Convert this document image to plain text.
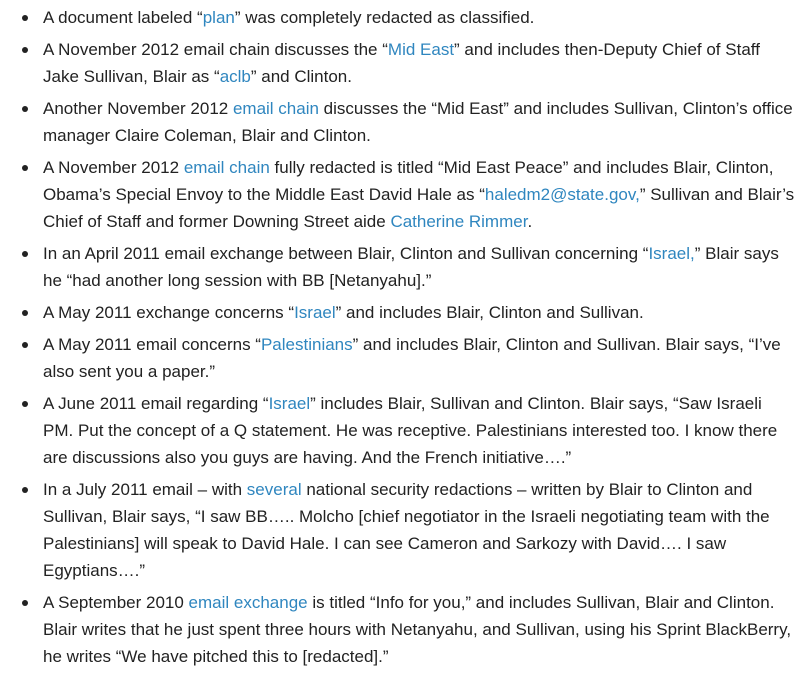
A document labeled “plan” was completely redacted as classified.
A November 2012 email chain discusses the “Mid East” and includes then-Deputy Chief of Staff Jake Sullivan, Blair as “aclb” and Clinton.
Another November 2012 email chain discusses the “Mid East” and includes Sullivan, Clinton’s office manager Claire Coleman, Blair and Clinton.
A November 2012 email chain fully redacted is titled “Mid East Peace” and includes Blair, Clinton, Obama’s Special Envoy to the Middle East David Hale as “haledm2@state.gov,” Sullivan and Blair’s Chief of Staff and former Downing Street aide Catherine Rimmer.
In an April 2011 email exchange between Blair, Clinton and Sullivan concerning “Israel,” Blair says he “had another long session with BB [Netanyahu].”
A May 2011 exchange concerns “Israel” and includes Blair, Clinton and Sullivan.
A May 2011 email concerns “Palestinians” and includes Blair, Clinton and Sullivan. Blair says, “I’ve also sent you a paper.”
A June 2011 email regarding “Israel” includes Blair, Sullivan and Clinton. Blair says, “Saw Israeli PM. Put the concept of a Q statement. He was receptive. Palestinians interested too. I know there are discussions also you guys are having. And the French initiative….”
In a July 2011 email – with several national security redactions – written by Blair to Clinton and Sullivan, Blair says, “I saw BB….. Molcho [chief negotiator in the Israeli negotiating team with the Palestinians] will speak to David Hale. I can see Cameron and Sarkozy with David…. I saw Egyptians….”
A September 2010 email exchange is titled “Info for you,” and includes Sullivan, Blair and Clinton. Blair writes that he just spent three hours with Netanyahu, and Sullivan, using his Sprint BlackBerry, he writes “We have pitched this to [redacted].”
